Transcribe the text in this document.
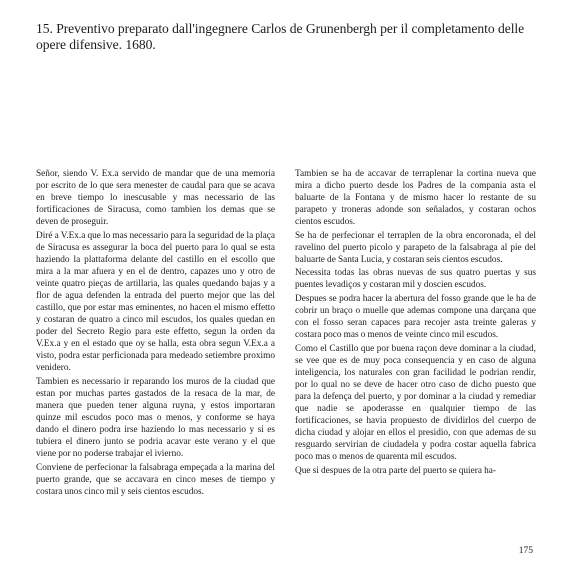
15. Preventivo preparato dall'ingegnere Carlos de Grunenbergh per il completamento delle opere difensive. 1680.

Señor, siendo V. Ex.a servido de mandar que de una memoria por escrito de lo que sera menester de caudal para que se acava en breve tiempo lo inescusable y mas necessario de las fortificaciones de Siracusa, como tambien los demas que se deven de proseguir.

Diré a V.Ex.a que lo mas necessario para la seguridad de la plaça de Siracusa es assegurar la boca del puerto para lo qual se esta haziendo la plattaforma delante del castillo en el escollo que mira a la mar afuera y en el de dentro, capazes uno y otro de veinte quatro pieças de artillaria, las quales quedando bajas y a flor de agua defenden la entrada del puerto mejor que las del castillo, que por estar mas eminentes, no hacen el mismo effetto y costaran de quatro a cinco mil escudos, los quales quedan en poder del Secreto Regio para este effetto, segun la orden da V.Ex.a y en el estado que oy se halla, esta obra segun V.Ex.a a visto, podra estar perficionada para medeado setiembre proximo venidero.

Tambien es necessario ir reparando los muros de la ciudad que estan por muchas partes gastados de la resaca de la mar, de manera que pueden tener alguna ruyna, y estos importaran quinze mil escudos poco mas o menos, y conforme se haya dando el dinero podra irse haziendo lo mas necessario y si es tubiera el dinero junto se podria acavar este verano y el que viene por no poderse trabajar el ivierno.

Conviene de perfecionar la falsabraga empeçada a la marina del puerto grande, que se accavara en cinco meses de tiempo y costara unos cinco mil y seis cientos escudos.

Tambien se ha de accavar de terraplenar la cortina nueva que mira a dicho puerto desde los Padres de la compania asta el baluarte de la Fontana y de mismo hacer lo restante de su parapeto y troneras adonde son señalados, y costaran ochos cientos escudos.

Se ha de perfecionar el terraplen de la obra encoronada, el del ravelino del puerto picolo y parapeto de la falsabraga al pie del baluarte de Santa Lucia, y costaran seis cientos escudos.

Necessita todas las obras nuevas de sus quatro puertas y sus puentes levadiços y costaran mil y doscien escudos.

Despues se podra hacer la abertura del fosso grande que le ha de cobrir un braço o muelle que ademas compone una darçana que con el fosso seran capaces para recojer asta treinte galeras y costara poco mas o menos de veinte cinco mil escudos.

Como el Castillo que por buena raçon deve dominar a la ciudad, se vee que es de muy poca consequencia y en caso de alguna inteligencia, los naturales con gran facilidad le podrian rendir, por lo qual no se deve de hacer otro caso de dicho puesto que para la defença del puerto, y por dominar a la ciudad y remediar que nadie se apoderasse en qualquier tiempo de las fortificaciones, se havia propuesto de dividirlos del cuerpo de dicha ciudad y alojar en ellos el presidio, con que ademas de su resguardo servirian de ciudadela y podra costar aquella fabrica poco mas o menos de quarenta mil escudos.

Que si despues de la otra parte del puerto se quiera ha-

175
